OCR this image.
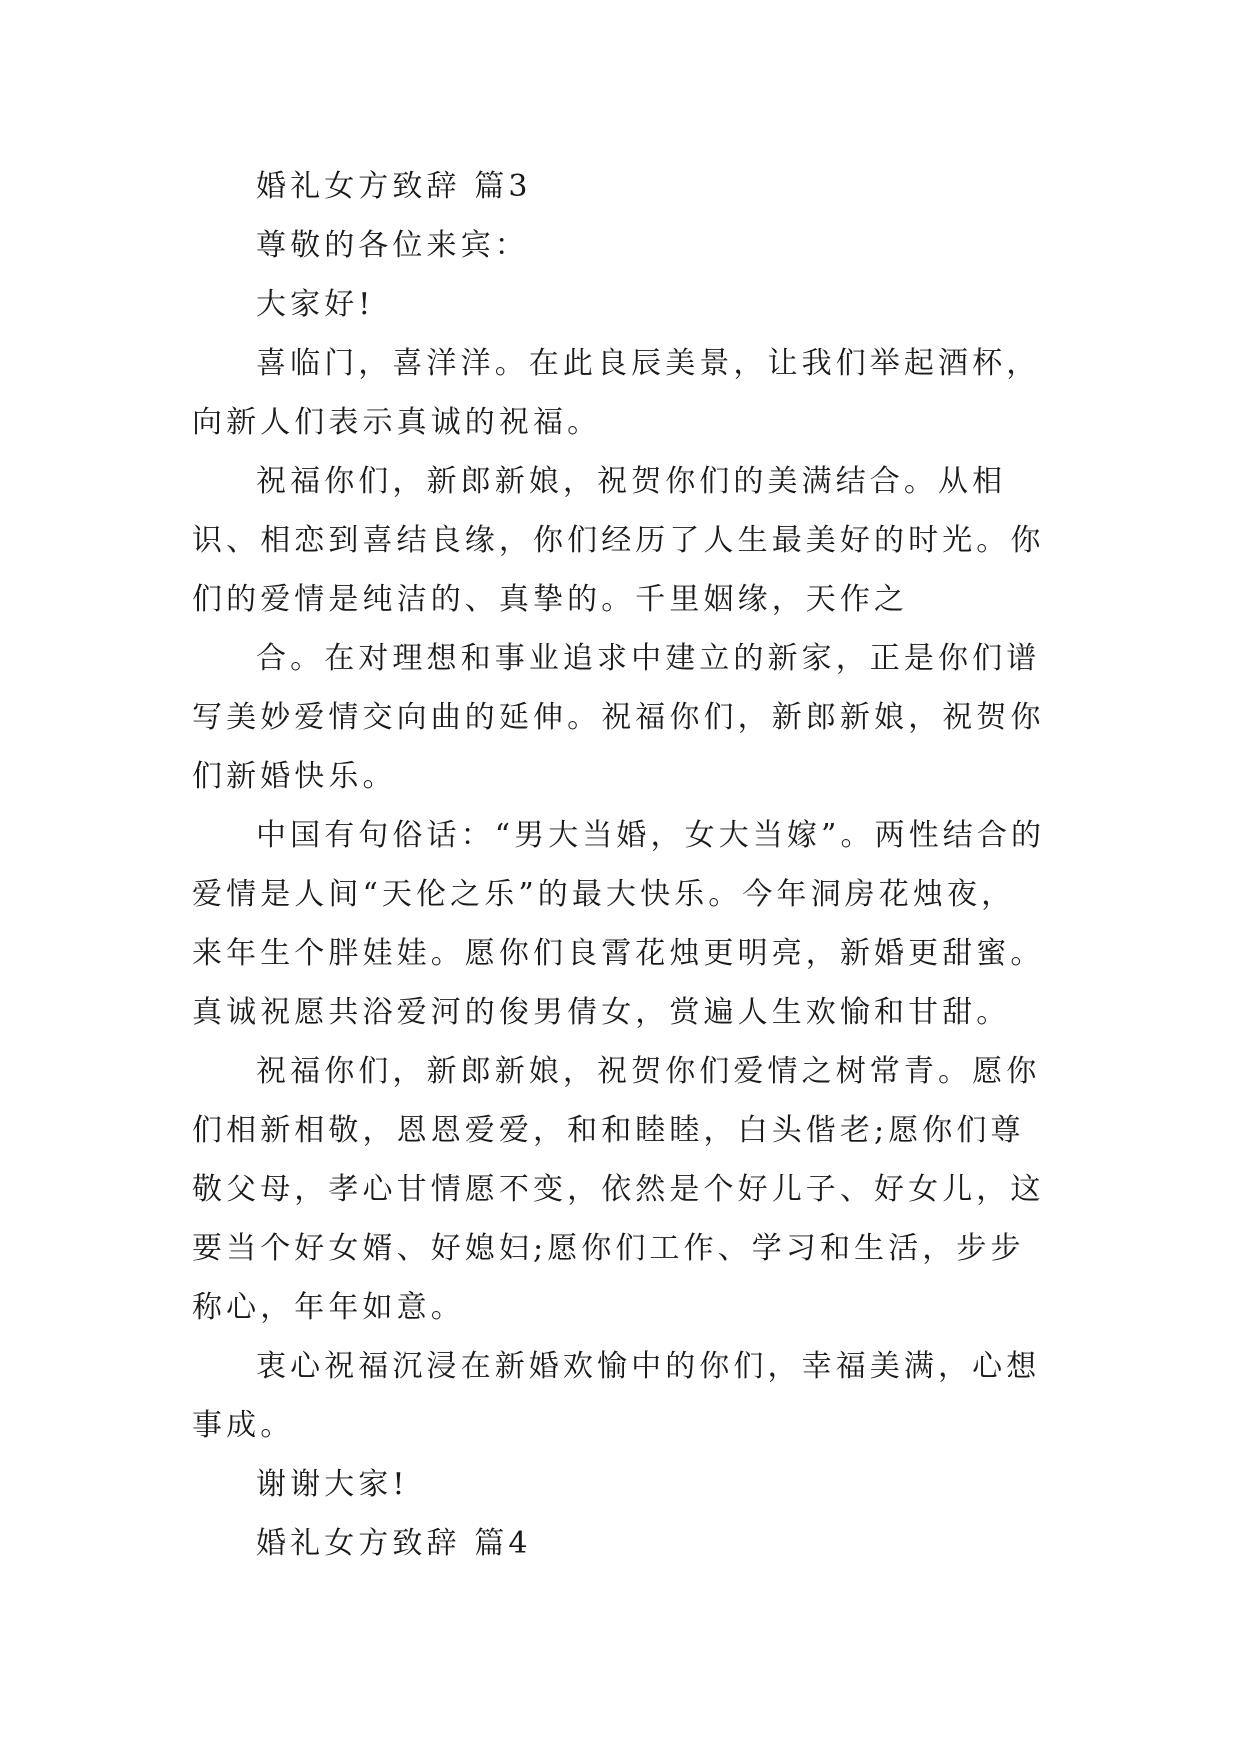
婚礼女方致辞 篇3

尊敬的各位来宾：

大家好!

喜临门，喜洋洋。在此良辰美景，让我们举起酒杯，向新人们表示真诚的祝福。

祝福你们，新郎新娘，祝贺你们的美满结合。从相识、相恋到喜结良缘，你们经历了人生最美好的时光。你们的爱情是纯洁的、真挚的。千里姻缘，天作之

合。在对理想和事业追求中建立的新家，正是你们谱写美妙爱情交向曲的延伸。祝福你们，新郎新娘，祝贺你们新婚快乐。

中国有句俗话：“男大当婚，女大当嫁”。两性结合的爱情是人间“天伦之乐”的最大快乐。今年洞房花烛夜，来年生个胖娃娃。愿你们良霄花烛更明亮，新婚更甜蜜。真诚祝愿共浴爱河的俊男倩女，赏遍人生欢愉和甘甜。

祝福你们，新郎新娘，祝贺你们爱情之树常青。愿你们相新相敬，恩恩爱爱，和和睦睦，白头偕老;愿你们尊敬父母，孝心甘情愿不变，依然是个好儿子、好女儿，这要当个好女婿、好媳妇;愿你们工作、学习和生活，步步称心，年年如意。

衷心祝福沉浸在新婚欢愉中的你们，幸福美满，心想事成。

谢谢大家!

婚礼女方致辞 篇4
